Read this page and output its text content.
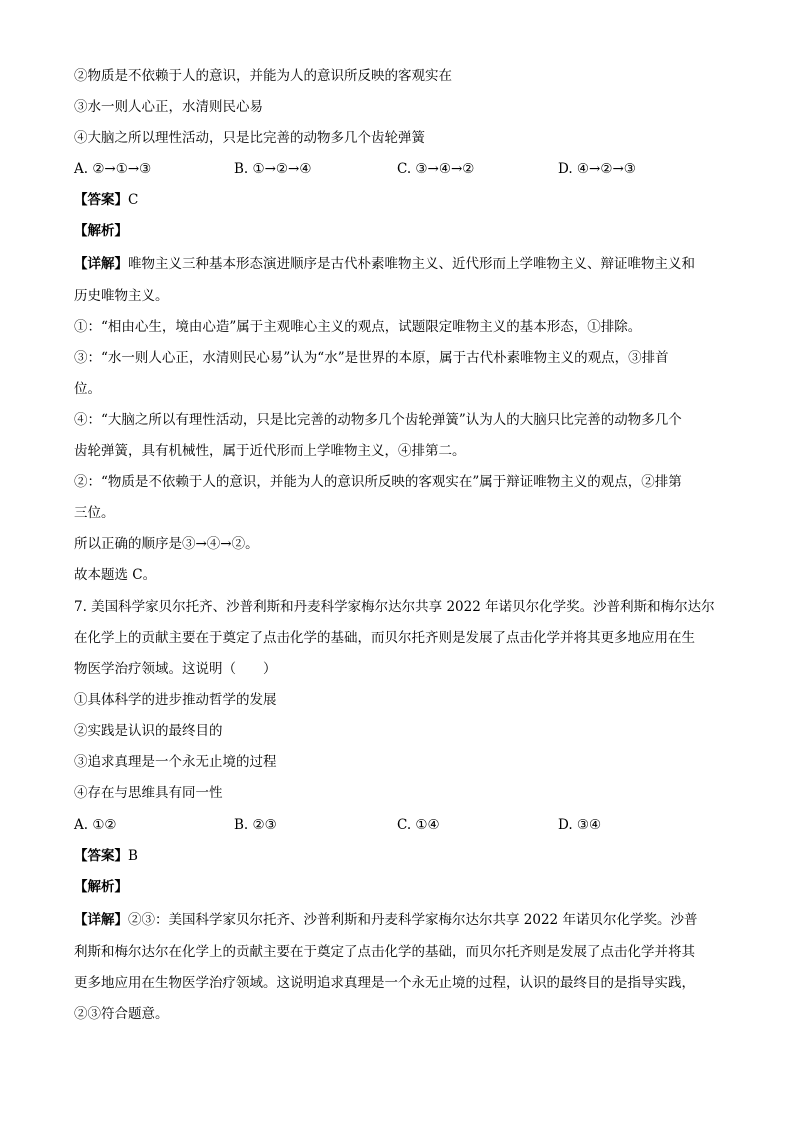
②物质是不依赖于人的意识，并能为人的意识所反映的客观实在
③水一则人心正，水清则民心易
④大脑之所以理性活动，只是比完善的动物多几个齿轮弹簧
A. ②→①→③	B. ①→②→④	C. ③→④→②	D. ④→②→③
【答案】C
【解析】
【详解】唯物主义三种基本形态演进顺序是古代朴素唯物主义、近代形而上学唯物主义、辩证唯物主义和
历史唯物主义。
①：“相由心生，境由心造”属于主观唯心主义的观点，试题限定唯物主义的基本形态，①排除。
③：“水一则人心正，水清则民心易”认为“水”是世界的本原，属于古代朴素唯物主义的观点，③排首
位。
④：“大脑之所以有理性活动，只是比完善的动物多几个齿轮弹簧”认为人的大脑只比完善的动物多几个
齿轮弹簧，具有机械性，属于近代形而上学唯物主义，④排第二。
②：“物质是不依赖于人的意识，并能为人的意识所反映的客观实在”属于辩证唯物主义的观点，②排第
三位。
所以正确的顺序是③→④→②。
故本题选 C。
7. 美国科学家贝尔托齐、沙普利斯和丹麦科学家梅尔达尔共享 2022 年诺贝尔化学奖。沙普利斯和梅尔达尔
在化学上的贡献主要在于奠定了点击化学的基础，而贝尔托齐则是发展了点击化学并将其更多地应用在生
物医学治疗领域。这说明（　　）
①具体科学的进步推动哲学的发展
②实践是认识的最终目的
③追求真理是一个永无止境的过程
④存在与思维具有同一性
A. ①②	B. ②③	C. ①④	D. ③④
【答案】B
【解析】
【详解】②③：美国科学家贝尔托齐、沙普利斯和丹麦科学家梅尔达尔共享 2022 年诺贝尔化学奖。沙普
利斯和梅尔达尔在化学上的贡献主要在于奠定了点击化学的基础，而贝尔托齐则是发展了点击化学并将其
更多地应用在生物医学治疗领域。这说明追求真理是一个永无止境的过程，认识的最终目的是指导实践，
②③符合题意。
